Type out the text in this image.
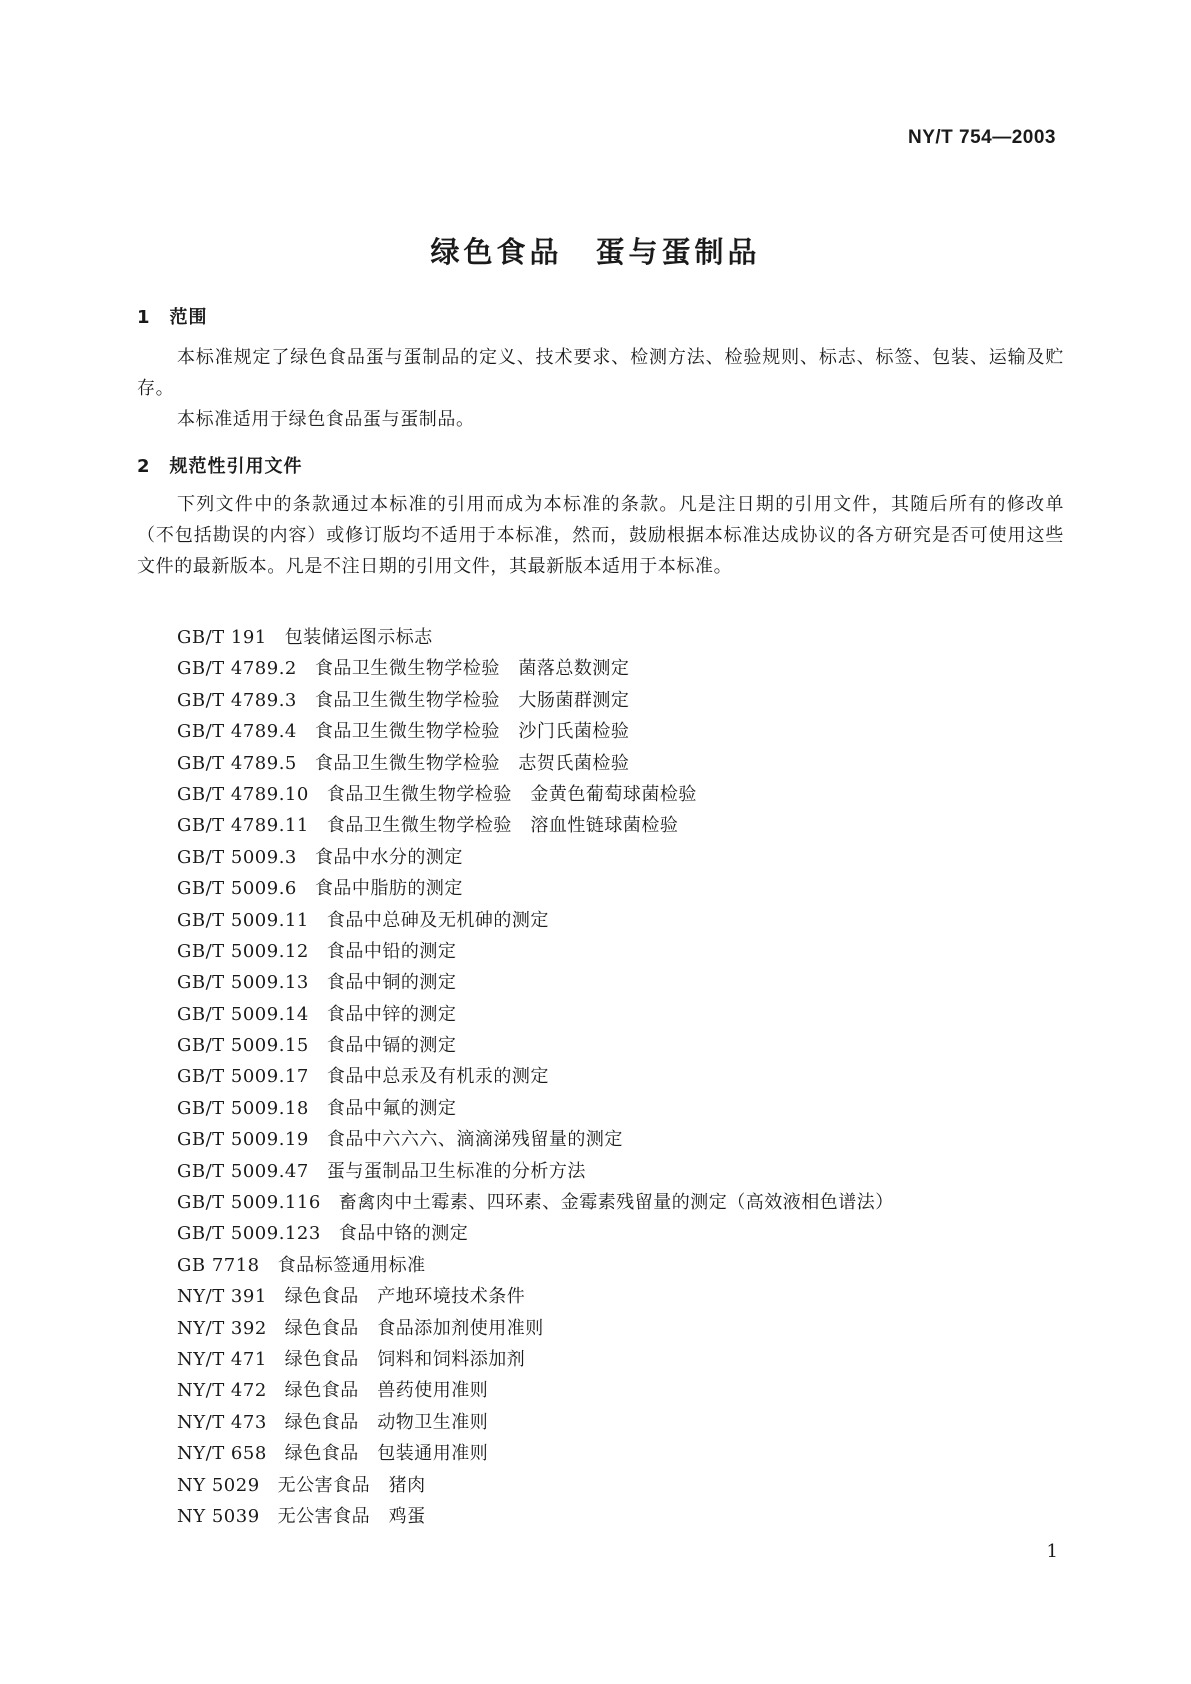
NY/T 754—2003
绿色食品　蛋与蛋制品
1　 范围

本标准规定了绿色食品蛋与蛋制品的定义、技术要求、检测方法、检验规则、标志、标签、包装、运输及贮存。

本标准适用于绿色食品蛋与蛋制品。

2　 规范性引用文件

下列文件中的条款通过本标准的引用而成为本标准的条款。凡是注日期的引用文件，其随后所有的修改单（不包括勘误的内容）或修订版均不适用于本标准，然而，鼓励根据本标准达成协议的各方研究是否可使用这些文件的最新版本。凡是不注日期的引用文件，其最新版本适用于本标准。

GB/T 191 包装储运图示标志
GB/T 4789.2 食品卫生微生物学检验　菌落总数测定
GB/T 4789.3 食品卫生微生物学检验　大肠菌群测定
GB/T 4789.4 食品卫生微生物学检验　沙门氏菌检验
GB/T 4789.5 食品卫生微生物学检验　志贺氏菌检验
GB/T 4789.10 食品卫生微生物学检验　金黄色葡萄球菌检验
GB/T 4789.11 食品卫生微生物学检验　溶血性链球菌检验
GB/T 5009.3 食品中水分的测定
GB/T 5009.6 食品中脂肪的测定
GB/T 5009.11 食品中总砷及无机砷的测定
GB/T 5009.12 食品中铅的测定
GB/T 5009.13 食品中铜的测定
GB/T 5009.14 食品中锌的测定
GB/T 5009.15 食品中镉的测定
GB/T 5009.17 食品中总汞及有机汞的测定
GB/T 5009.18 食品中氟的测定
GB/T 5009.19 食品中六六六、滴滴涕残留量的测定
GB/T 5009.47 蛋与蛋制品卫生标准的分析方法
GB/T 5009.116 畜禽肉中土霉素、四环素、金霉素残留量的测定（高效液相色谱法）
GB/T 5009.123 食品中铬的测定
GB 7718 食品标签通用标准
NY/T 391 绿色食品　产地环境技术条件
NY/T 392 绿色食品　食品添加剂使用准则
NY/T 471 绿色食品　饲料和饲料添加剂
NY/T 472 绿色食品　兽药使用准则
NY/T 473 绿色食品　动物卫生准则
NY/T 658 绿色食品　包装通用准则
NY 5029 无公害食品　猪肉
NY 5039 无公害食品　鸡蛋
1
